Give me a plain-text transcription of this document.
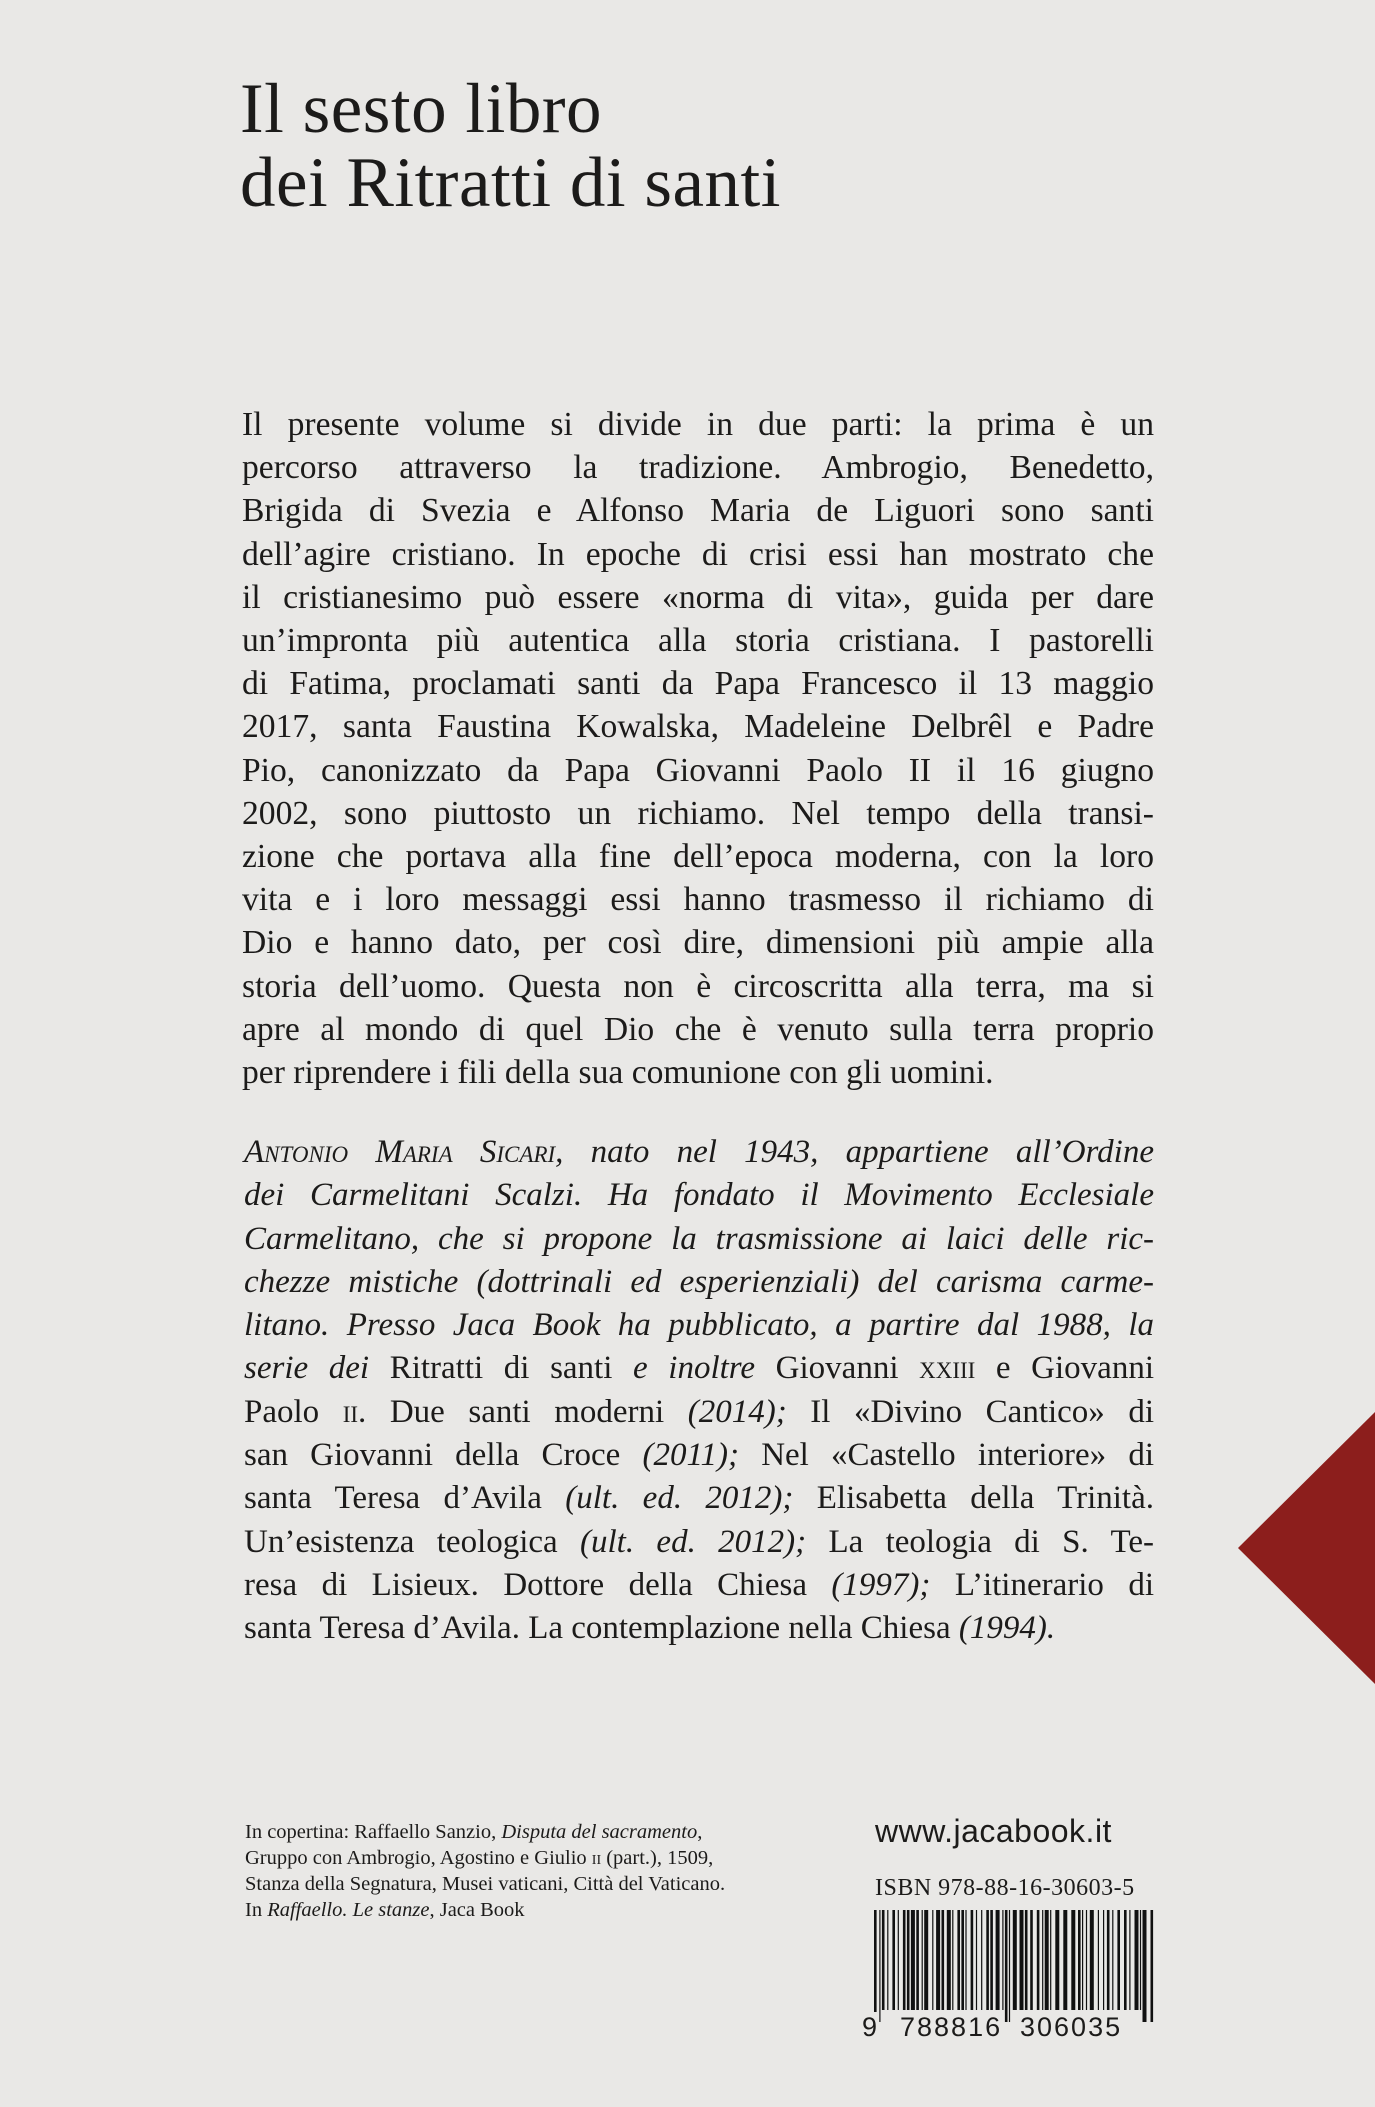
Il sesto libro
dei Ritratti di santi

Il presente volume si divide in due parti: la prima è un
percorso attraverso la tradizione. Ambrogio, Benedetto,
Brigida di Svezia e Alfonso Maria de Liguori sono santi
dell’agire cristiano. In epoche di crisi essi han mostrato che
il cristianesimo può essere «norma di vita», guida per dare
un’impronta più autentica alla storia cristiana. I pastorelli
di Fatima, proclamati santi da Papa Francesco il 13 maggio
2017, santa Faustina Kowalska, Madeleine Delbrêl e Padre
Pio, canonizzato da Papa Giovanni Paolo II il 16 giugno
2002, sono piuttosto un richiamo. Nel tempo della transi-
zione che portava alla fine dell’epoca moderna, con la loro
vita e i loro messaggi essi hanno trasmesso il richiamo di
Dio e hanno dato, per così dire, dimensioni più ampie alla
storia dell’uomo. Questa non è circoscritta alla terra, ma si
apre al mondo di quel Dio che è venuto sulla terra proprio
per riprendere i fili della sua comunione con gli uomini.

Antonio Maria Sicari, nato nel 1943, appartiene all’Ordine
dei Carmelitani Scalzi. Ha fondato il Movimento Ecclesiale
Carmelitano, che si propone la trasmissione ai laici delle ric-
chezze mistiche (dottrinali ed esperienziali) del carisma carme-
litano. Presso Jaca Book ha pubblicato, a partire dal 1988, la
serie dei Ritratti di santi e inoltre Giovanni xxiii e Giovanni
Paolo ii. Due santi moderni (2014); Il «Divino Cantico» di
san Giovanni della Croce (2011); Nel «Castello interiore» di
santa Teresa d’Avila (ult. ed. 2012); Elisabetta della Trinità.
Un’esistenza teologica (ult. ed. 2012); La teologia di S. Te-
resa di Lisieux. Dottore della Chiesa (1997); L’itinerario di
santa Teresa d’Avila. La contemplazione nella Chiesa (1994).

In copertina: Raffaello Sanzio, Disputa del sacramento,
Gruppo con Ambrogio, Agostino e Giulio ii (part.), 1509,
Stanza della Segnatura, Musei vaticani, Città del Vaticano.
In Raffaello. Le stanze, Jaca Book
www.jacabook.it
ISBN 978-88-16-30603-5
9 788816 306035
